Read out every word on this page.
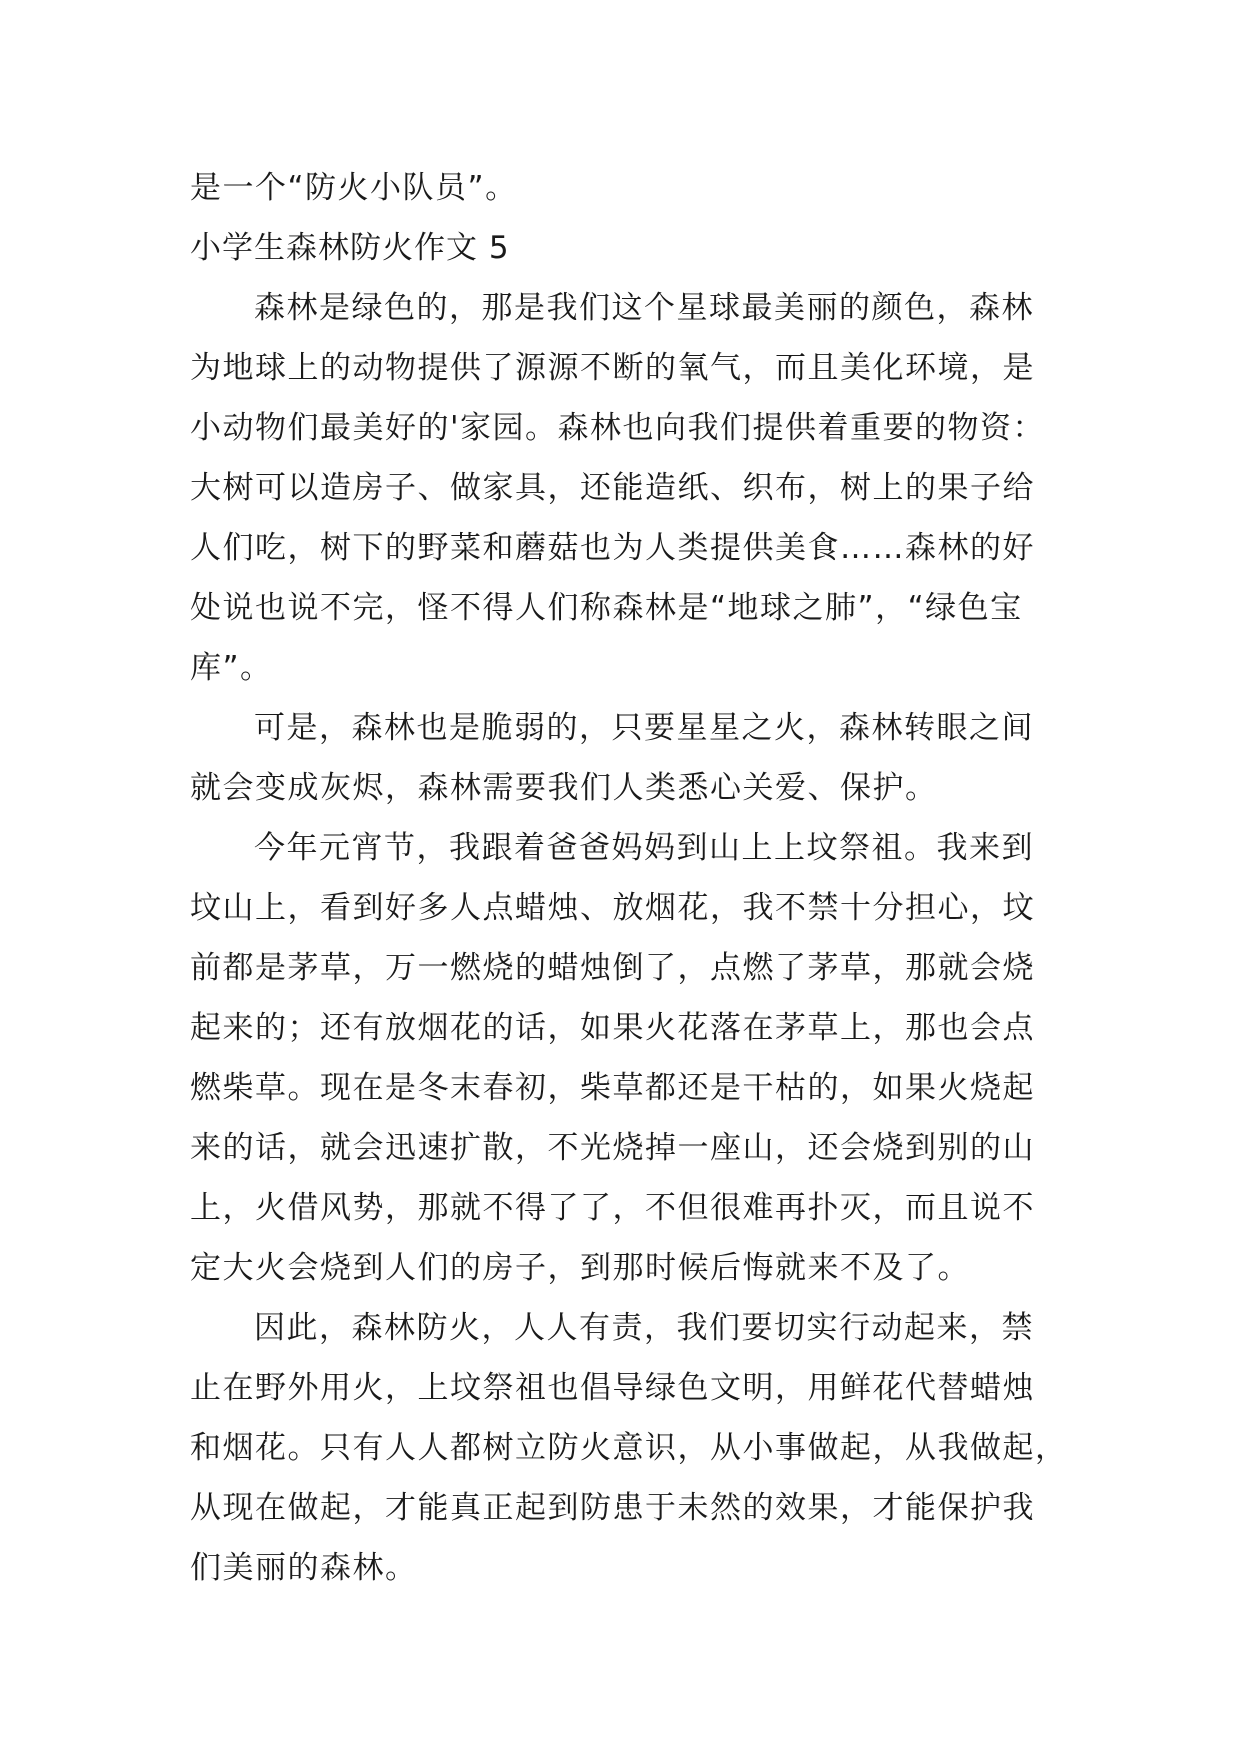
是一个“防火小队员”。
小学生森林防火作文 5
森林是绿色的，那是我们这个星球最美丽的颜色，森林
为地球上的动物提供了源源不断的氧气，而且美化环境，是
小动物们最美好的'家园。森林也向我们提供着重要的物资：
大树可以造房子、做家具，还能造纸、织布，树上的果子给
人们吃，树下的野菜和蘑菇也为人类提供美食……森林的好
处说也说不完，怪不得人们称森林是“地球之肺”，“绿色宝
库”。
可是，森林也是脆弱的，只要星星之火，森林转眼之间
就会变成灰烬，森林需要我们人类悉心关爱、保护。
今年元宵节，我跟着爸爸妈妈到山上上坟祭祖。我来到
坟山上，看到好多人点蜡烛、放烟花，我不禁十分担心，坟
前都是茅草，万一燃烧的蜡烛倒了，点燃了茅草，那就会烧
起来的；还有放烟花的话，如果火花落在茅草上，那也会点
燃柴草。现在是冬末春初，柴草都还是干枯的，如果火烧起
来的话，就会迅速扩散，不光烧掉一座山，还会烧到别的山
上，火借风势，那就不得了了，不但很难再扑灭，而且说不
定大火会烧到人们的房子，到那时候后悔就来不及了。
因此，森林防火，人人有责，我们要切实行动起来，禁
止在野外用火，上坟祭祖也倡导绿色文明，用鲜花代替蜡烛
和烟花。只有人人都树立防火意识，从小事做起，从我做起，
从现在做起，才能真正起到防患于未然的效果，才能保护我
们美丽的森林。
